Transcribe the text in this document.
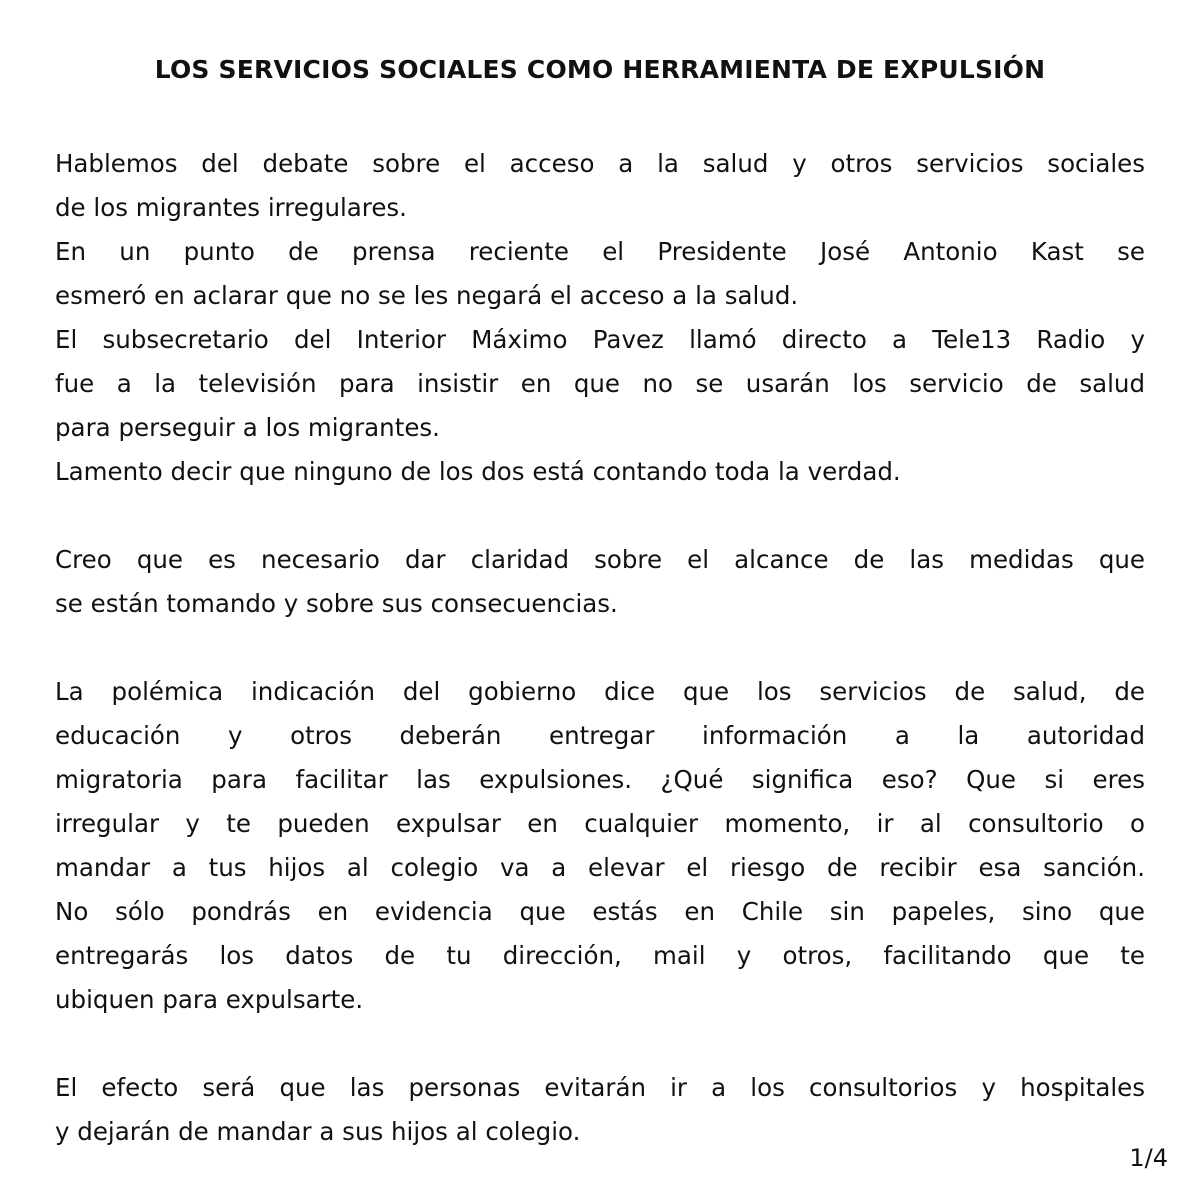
LOS SERVICIOS SOCIALES COMO HERRAMIENTA DE EXPULSIÓN
Hablemos del debate sobre el acceso a la salud y otros servicios sociales
de los migrantes irregulares.
En un punto de prensa reciente el Presidente José Antonio Kast se
esmeró en aclarar que no se les negará el acceso a la salud.
El subsecretario del Interior Máximo Pavez llamó directo a Tele13 Radio y
fue a la televisión para insistir en que no se usarán los servicio de salud
para perseguir a los migrantes.
Lamento decir que ninguno de los dos está contando toda la verdad.
Creo que es necesario dar claridad sobre el alcance de las medidas que
se están tomando y sobre sus consecuencias.
La polémica indicación del gobierno dice que los servicios de salud, de
educación y otros deberán entregar información a la autoridad
migratoria para facilitar las expulsiones. ¿Qué significa eso? Que si eres
irregular y te pueden expulsar en cualquier momento, ir al consultorio o
mandar a tus hijos al colegio va a elevar el riesgo de recibir esa sanción.
No sólo pondrás en evidencia que estás en Chile sin papeles, sino que
entregarás los datos de tu dirección, mail y otros, facilitando que te
ubiquen para expulsarte.
El efecto será que las personas evitarán ir a los consultorios y hospitales
y dejarán de mandar a sus hijos al colegio.
1/4
